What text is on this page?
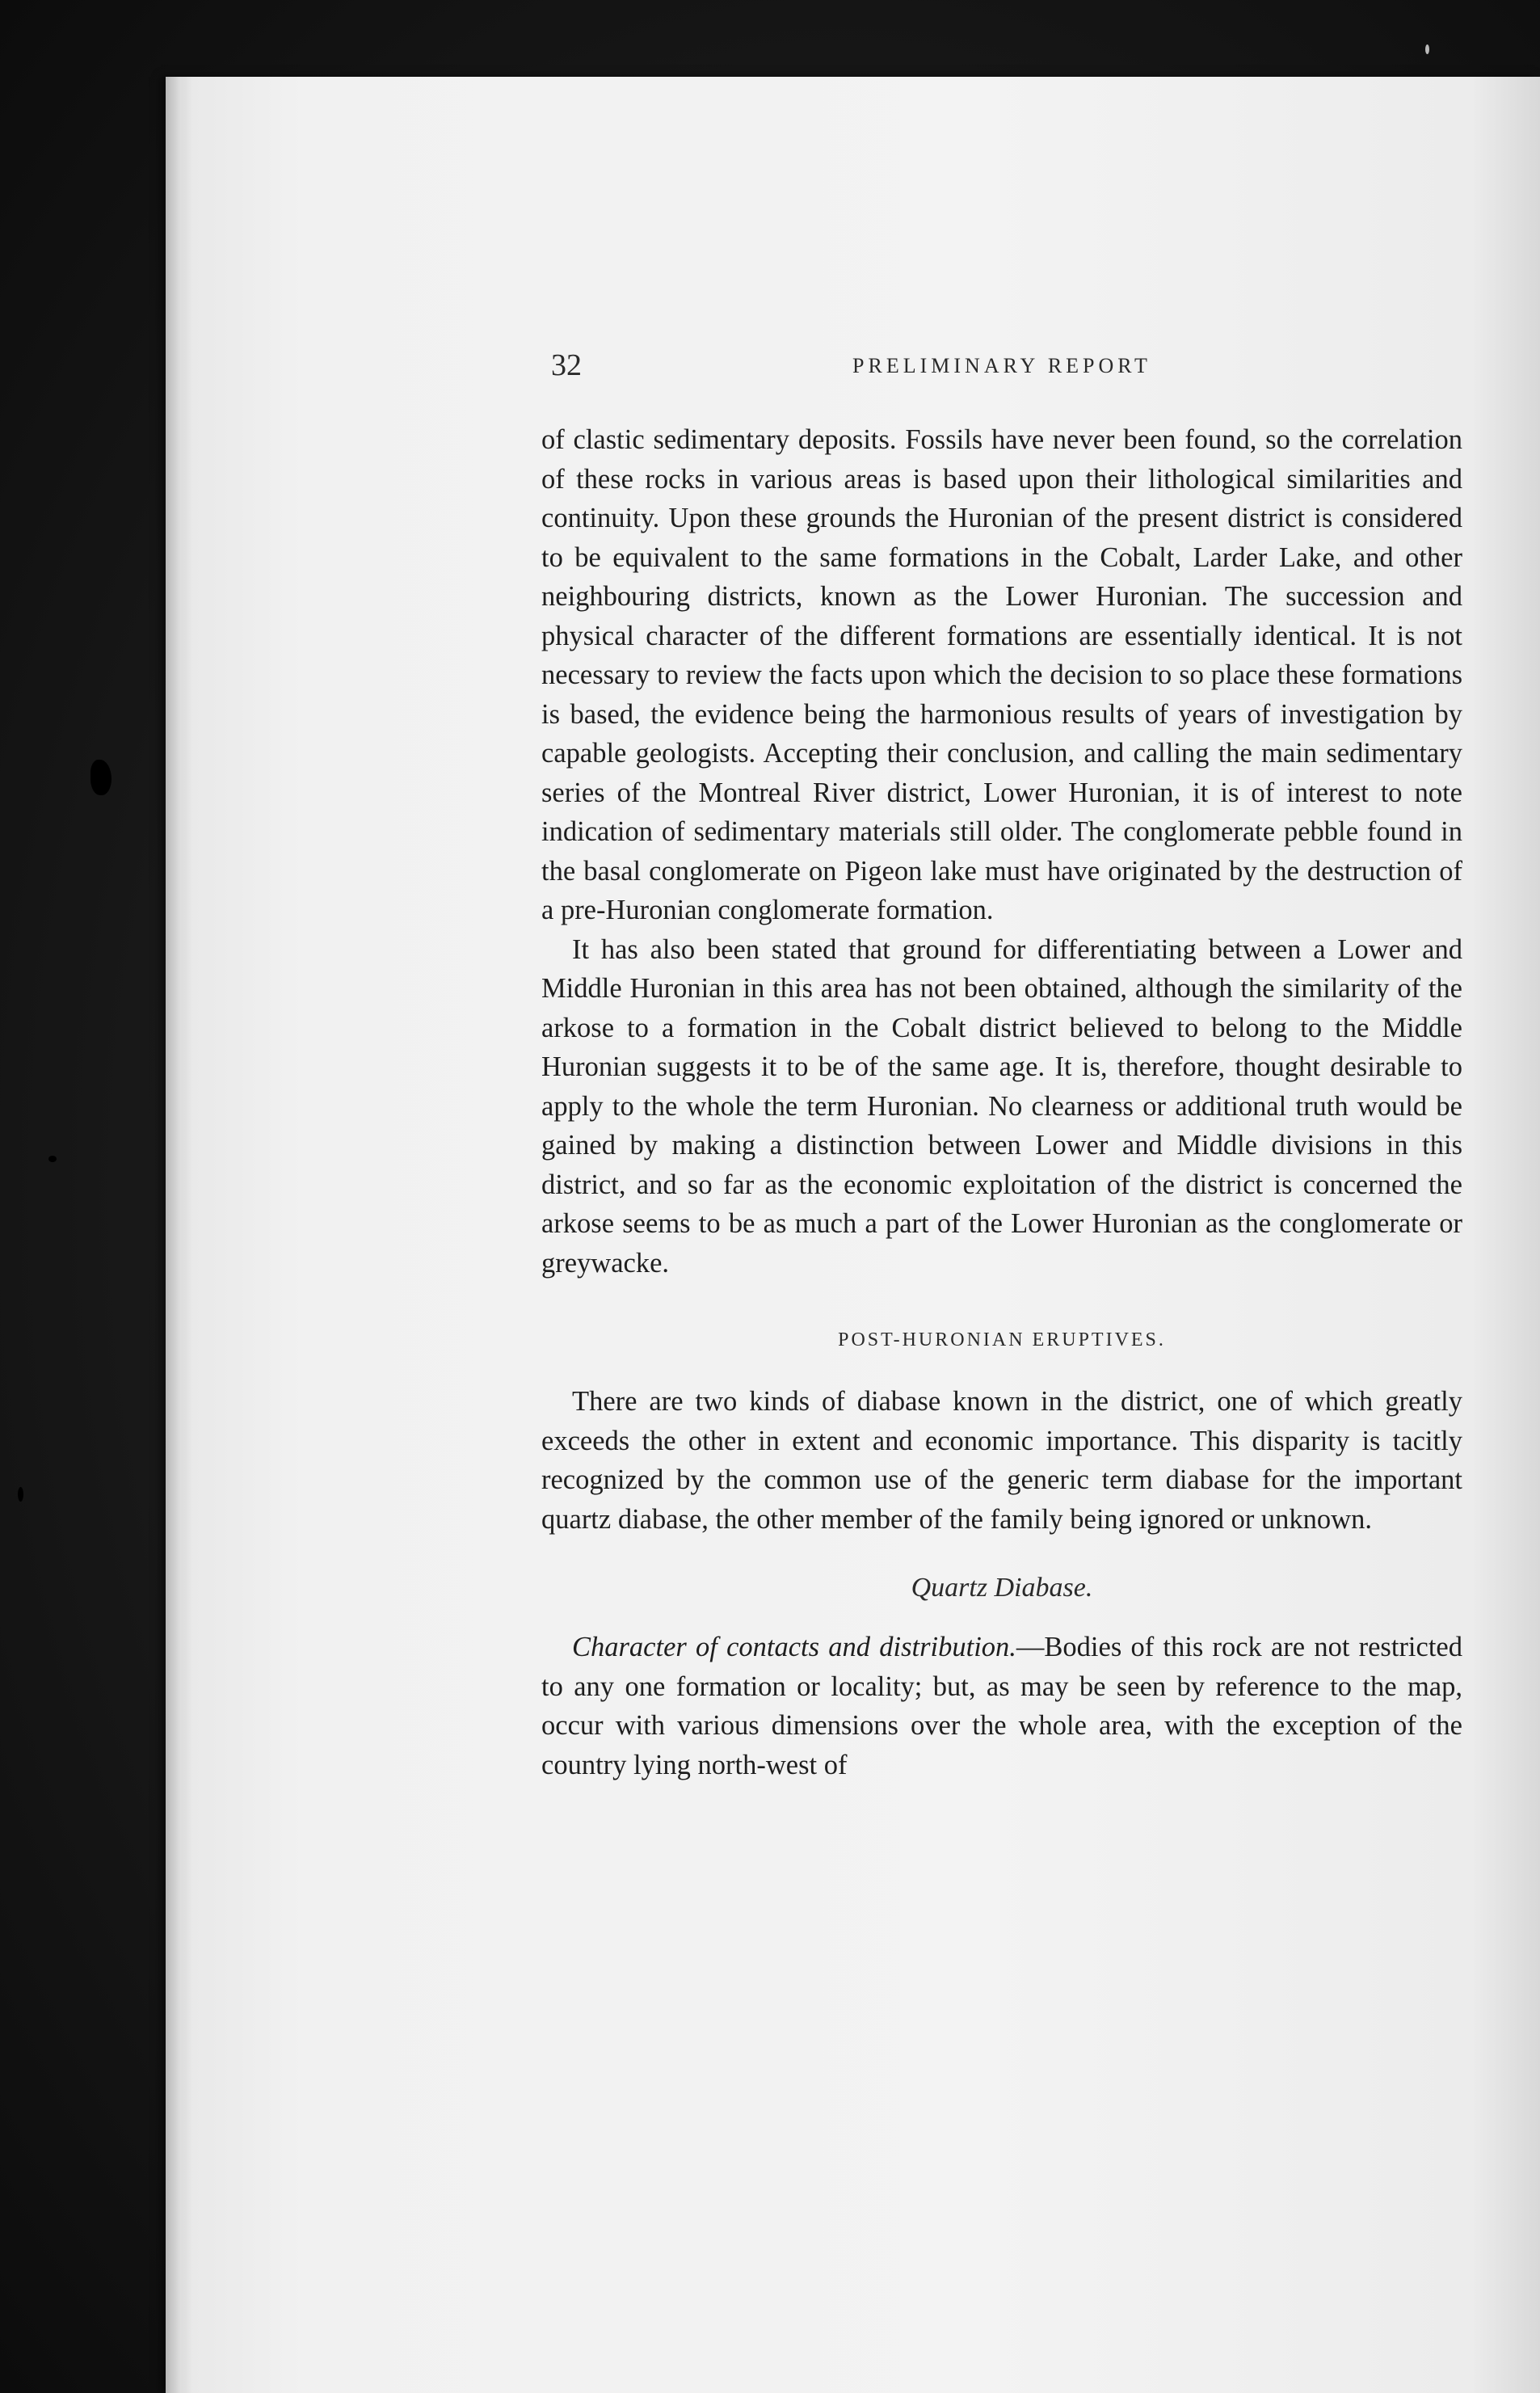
32	PRELIMINARY REPORT

of clastic sedimentary deposits. Fossils have never been found, so the correlation of these rocks in various areas is based upon their lithological similarities and continuity. Upon these grounds the Huronian of the present district is considered to be equivalent to the same formations in the Cobalt, Larder Lake, and other neighbouring districts, known as the Lower Huronian. The succession and physical character of the different formations are essentially identical. It is not necessary to review the facts upon which the decision to so place these formations is based, the evidence being the harmonious results of years of investigation by capable geologists. Accepting their conclusion, and calling the main sedimentary series of the Montreal River district, Lower Huronian, it is of interest to note indication of sedimentary materials still older. The conglomerate pebble found in the basal conglomerate on Pigeon lake must have originated by the destruction of a pre-Huronian conglomerate formation.

It has also been stated that ground for differentiating between a Lower and Middle Huronian in this area has not been obtained, although the similarity of the arkose to a formation in the Cobalt district believed to belong to the Middle Huronian suggests it to be of the same age. It is, therefore, thought desirable to apply to the whole the term Huronian. No clearness or additional truth would be gained by making a distinction between Lower and Middle divisions in this district, and so far as the economic exploitation of the district is concerned the arkose seems to be as much a part of the Lower Huronian as the conglomerate or greywacke.

POST-HURONIAN ERUPTIVES.

There are two kinds of diabase known in the district, one of which greatly exceeds the other in extent and economic importance. This disparity is tacitly recognized by the common use of the generic term diabase for the important quartz diabase, the other member of the family being ignored or unknown.

Quartz Diabase.

Character of contacts and distribution.—Bodies of this rock are not restricted to any one formation or locality; but, as may be seen by reference to the map, occur with various dimensions over the whole area, with the exception of the country lying north-west of
